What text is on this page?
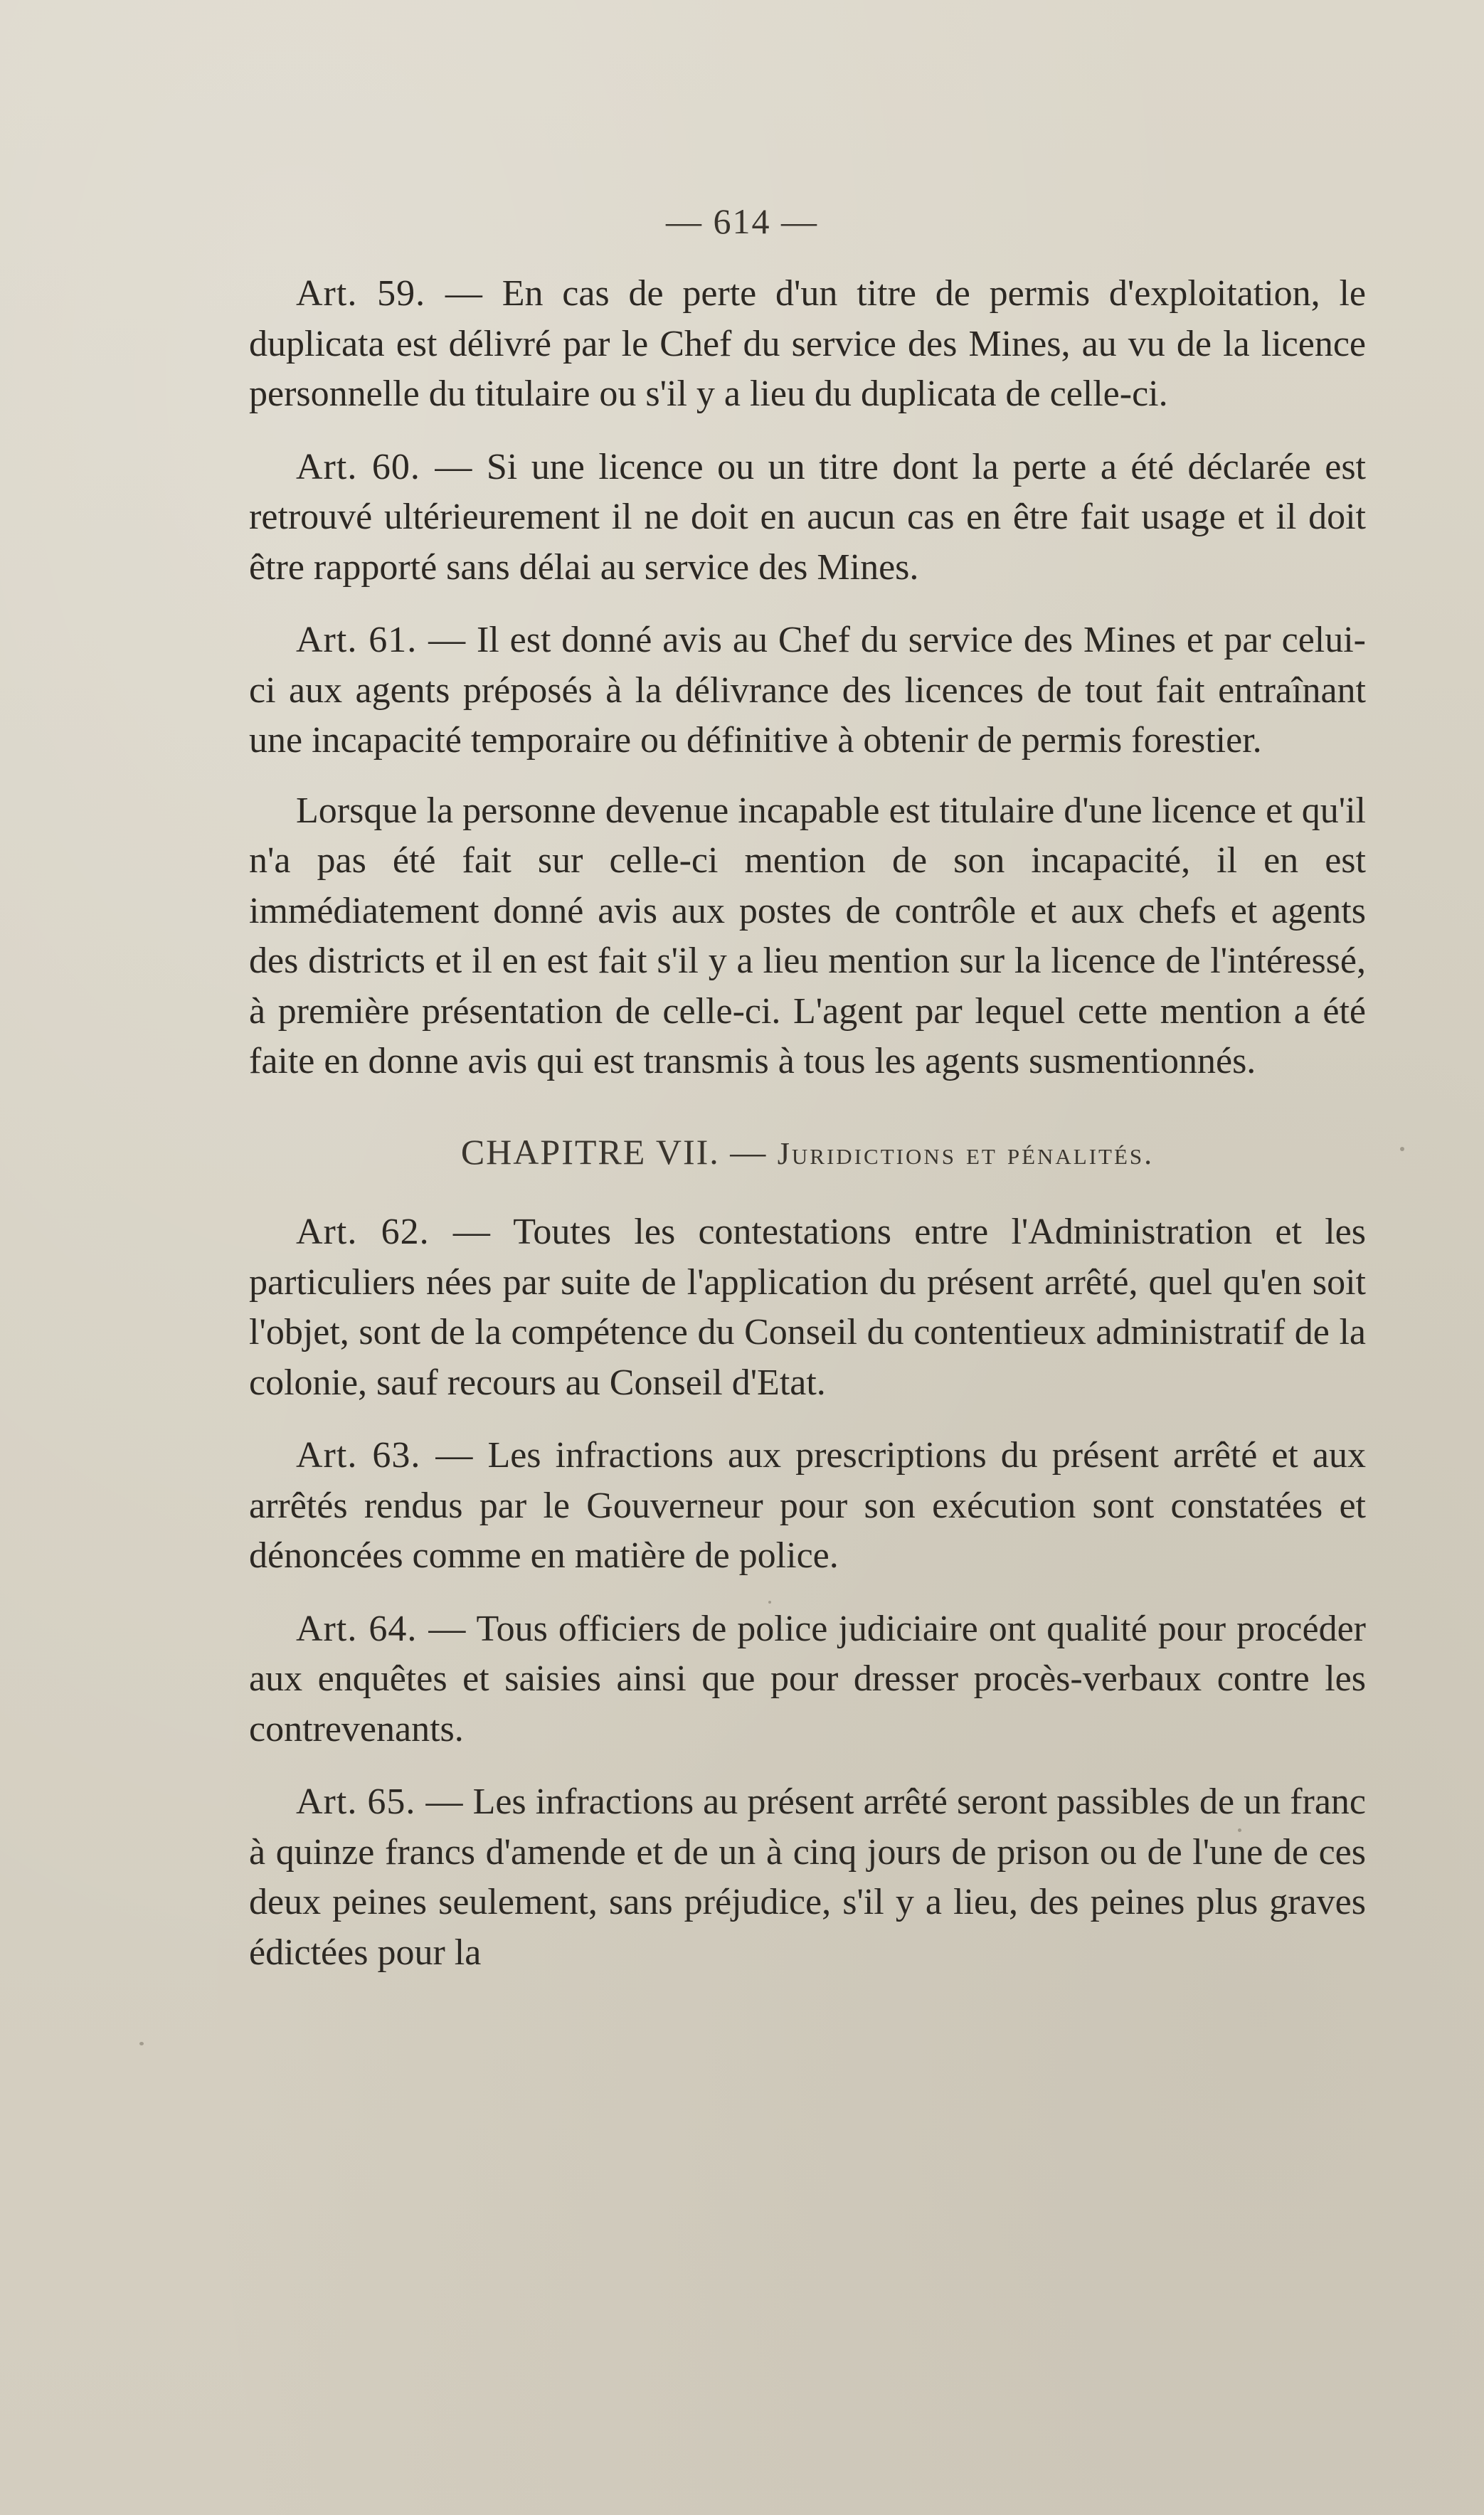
— 614 —

Art. 59. — En cas de perte d'un titre de permis d'exploitation, le duplicata est délivré par le Chef du service des Mines, au vu de la licence personnelle du titulaire ou s'il y a lieu du duplicata de celle-ci.

Art. 60. — Si une licence ou un titre dont la perte a été déclarée est retrouvé ultérieurement il ne doit en aucun cas en être fait usage et il doit être rapporté sans délai au service des Mines.

Art. 61. — Il est donné avis au Chef du service des Mines et par celui-ci aux agents préposés à la délivrance des licences de tout fait entraînant une incapacité temporaire ou définitive à obtenir de permis forestier.

Lorsque la personne devenue incapable est titulaire d'une licence et qu'il n'a pas été fait sur celle-ci mention de son incapacité, il en est immédiatement donné avis aux postes de contrôle et aux chefs et agents des districts et il en est fait s'il y a lieu mention sur la licence de l'intéressé, à première présentation de celle-ci. L'agent par lequel cette mention a été faite en donne avis qui est transmis à tous les agents susmentionnés.

CHAPITRE VII. — Juridictions et pénalités.

Art. 62. — Toutes les contestations entre l'Administration et les particuliers nées par suite de l'application du présent arrêté, quel qu'en soit l'objet, sont de la compétence du Conseil du contentieux administratif de la colonie, sauf recours au Conseil d'Etat.

Art. 63. — Les infractions aux prescriptions du présent arrêté et aux arrêtés rendus par le Gouverneur pour son exécution sont constatées et dénoncées comme en matière de police.

Art. 64. — Tous officiers de police judiciaire ont qualité pour procéder aux enquêtes et saisies ainsi que pour dresser procès-verbaux contre les contrevenants.

Art. 65. — Les infractions au présent arrêté seront passibles de un franc à quinze francs d'amende et de un à cinq jours de prison ou de l'une de ces deux peines seulement, sans préjudice, s'il y a lieu, des peines plus graves édictées pour la
